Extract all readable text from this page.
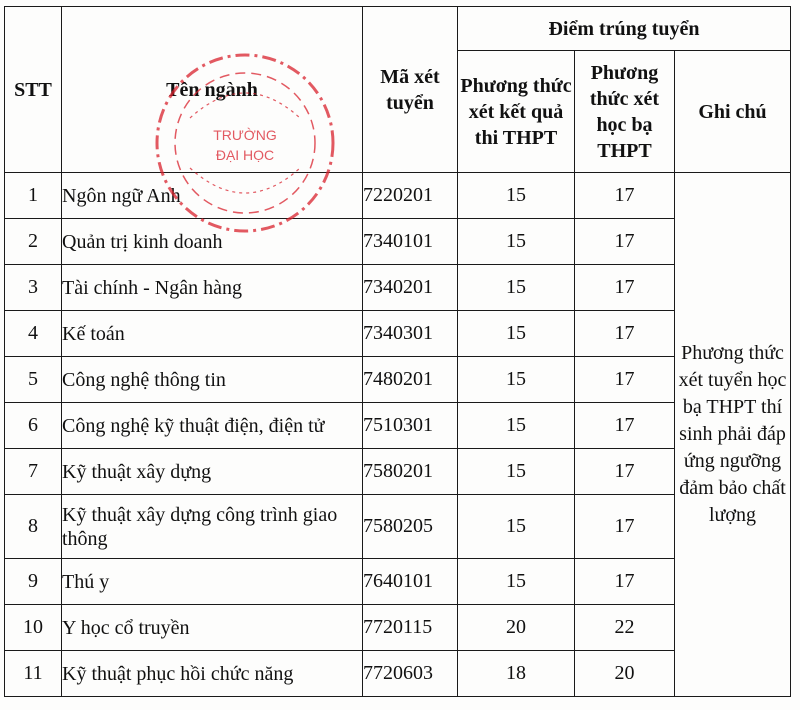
STT	Tên ngành	Mã xét tuyển	Điểm trúng tuyển		
			Phương thức xét kết quả thi THPT	Phương thức xét học bạ THPT	Ghi chú
1	Ngôn ngữ Anh	7220201	15	17	Phương thức xét tuyển học bạ THPT thí sinh phải đáp ứng ngưỡng đảm bảo chất lượng

2	Quản trị kinh doanh	7340101	15	17	
3	Tài chính - Ngân hàng	7340201	15	17	
4	Kế toán	7340301	15	17	
5	Công nghệ thông tin	7480201	15	17	
6	Công nghệ kỹ thuật điện, điện tử	7510301	15	17	
7	Kỹ thuật xây dựng	7580201	15	17	
8	Kỹ thuật xây dựng công trình giao thông	7580205	15	17	
9	Thú y	7640101	15	17	
10	Y học cổ truyền	7720115	20	22	
11	Kỹ thuật phục hồi chức năng	7720603	18	20	
TRƯỜNG
ĐẠI HỌC
